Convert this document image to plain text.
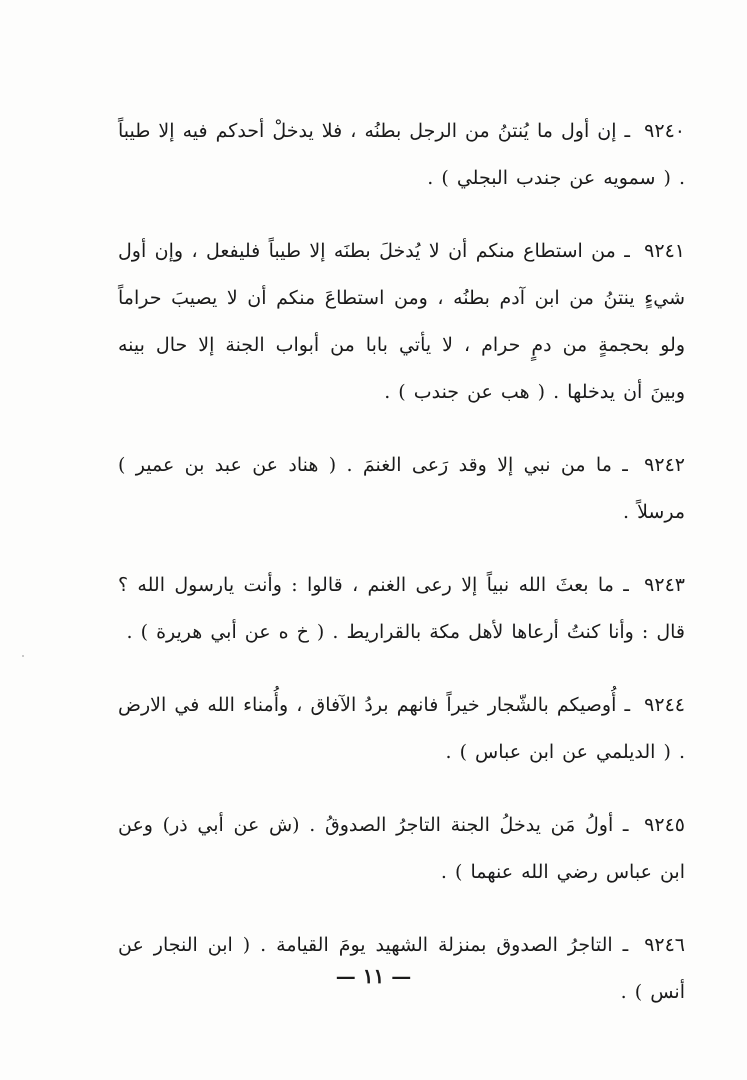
٩٢٤٠ ـ إن أول ما يُنتنُ من الرجل بطنُه ، فلا يدخلْ أحدكم فيه إلا طيباً . ( سمويه عن جندب البجلي ) .

٩٢٤١ ـ من استطاع منكم أن لا يُدخلَ بطنَه إلا طيباً فليفعل ، وإن أول شيءٍ ينتنُ من ابن آدم بطنُه ، ومن استطاعَ منكم أن لا يصيبَ حراماً ولو بحجمةٍ من دمٍ حرام ، لا يأتي بابا من أبواب الجنة إلا حال بينه وبينَ أن يدخلها . ( هب عن جندب ) .

٩٢٤٢ ـ ما من نبي إلا وقد رَعى الغنمَ . ( هناد عن عبد بن عمير ) مرسلاً .

٩٢٤٣ ـ ما بعثَ الله نبياً إلا رعى الغنم ، قالوا : وأنت يارسول الله ؟ قال : وأنا كنتُ أرعاها لأهل مكة بالقراريط . ( خ ه عن أبي هريرة ) .

٩٢٤٤ ـ أُوصيكم بالشّجار خيراً فانهم بردُ الآفاق ، وأُمناء الله في الارض . ( الديلمي عن ابن عباس ) .

٩٢٤٥ ـ أولُ مَن يدخلُ الجنة التاجرُ الصدوقُ . (ش عن أبي ذر) وعن ابن عباس رضي الله عنهما ) .

٩٢٤٦ ـ التاجرُ الصدوق بمنزلة الشهيد يومَ القيامة . ( ابن النجار عن أنس ) .

— ١١ —
